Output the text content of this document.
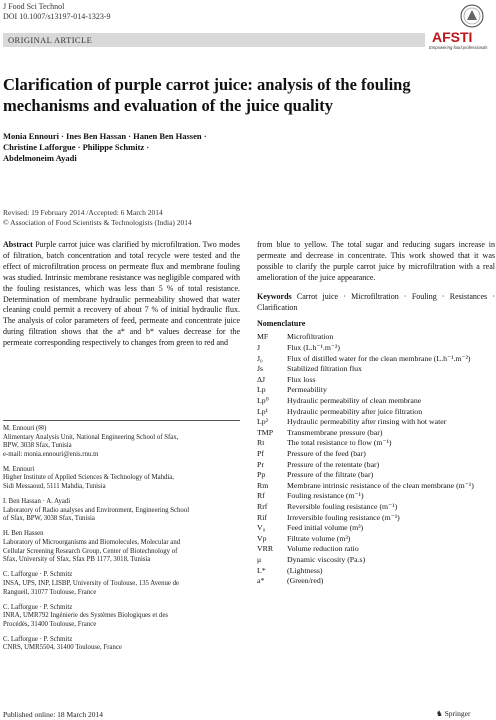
J Food Sci Technol
DOI 10.1007/s13197-014-1323-9
AFSTI
Empowering food professionals
ORIGINAL ARTICLE
Clarification of purple carrot juice: analysis of the fouling mechanisms and evaluation of the juice quality
Monia Ennouri · Ines Ben Hassan · Hanen Ben Hassen ·
Christine Lafforgue · Philippe Schmitz ·
Abdelmoneim Ayadi
Revised: 19 February 2014 /Accepted: 6 March 2014
© Association of Food Scientists & Technologists (India) 2014

Abstract Purple carrot juice was clarified by microfiltration. Two modes of filtration, batch concentration and total recycle were tested and the effect of microfiltration process on permeate flux and membrane fouling was studied. Intrinsic membrane resistance was negligible compared with the fouling resistances, which was less than 5 % of total resistance. Determination of membrane hydraulic permeability showed that water cleaning could permit a recovery of about 7 % of initial hydraulic flux. The analysis of color parameters of feed, permeate and concentrate juice during filtration shows that the a* and b* values decrease for the permeate corresponding respectively to changes from green to red and

M. Ennouri (✉)
Alimentary Analysis Unit, National Engineering School of Sfax,
BPW, 3038 Sfax, Tunisia
e-mail: monia.ennouri@enis.rnu.tn
M. Ennouri
Higher Institute of Applied Sciences & Technology of Mahdia,
Sidi Messaoud, 5111 Mahdia, Tunisia
I. Ben Hassan · A. Ayadi
Laboratory of Radio analyses and Environment, Engineering School
of Sfax, BPW, 3038 Sfax, Tunisia
H. Ben Hassen
Laboratory of Microorganisms and Biomolecules, Molecular and
Cellular Screening Research Group, Center of Biotechnology of
Sfax, University of Sfax, Sfax PB 1177, 3018, Tunisia
C. Lafforgue · P. Schmitz
INSA, UPS, INP, LISBP, University of Toulouse, 135 Avenue de
Rangueil, 31077 Toulouse, France
C. Lafforgue · P. Schmitz
INRA, UMR792 Ingénierie des Systèmes Biologiques et des
Procédés, 31400 Toulouse, France
C. Lafforgue · P. Schmitz
CNRS, UMR5504, 31400 Toulouse, France

from blue to yellow. The total sugar and reducing sugars increase in permeate and decrease in concentrate. This work showed that it was possible to clarify the purple carrot juice by microfiltration with a real amelioration of the juice appearance.

Keywords Carrot juice · Microfiltration · Fouling · Resistances · Clarification

Nomenclature
MF	Microfiltration
J	Flux (L.h⁻¹.m⁻²)
J₀	Flux of distilled water for the clean membrane (L.h⁻¹.m⁻²)
Js	Stabilized filtration flux
ΔJ	Flux loss
Lp	Permeability
Lp⁰	Hydraulic permeability of clean membrane
Lp¹	Hydraulic permeability after juice filtration
Lp²	Hydraulic permeability after rinsing with hot water
TMP	Transmembrane pressure (bar)
Rt	The total resistance to flow (m⁻¹)
Pf	Pressure of the feed (bar)
Pr	Pressure of the retentate (bar)
Pp	Pressure of the filtrate (bar)
Rm	Membrane intrinsic resistance of the clean membrane (m⁻¹)
Rf	Fouling resistance (m⁻¹)
Rrf	Reversible fouling resistance (m⁻¹)
Rif	Irreversible fouling resistance (m⁻¹)
V₀	Feed initial volume (m³)
Vp	Filtrate volume (m³)
VRR	Volume reduction ratio
μ	Dynamic viscosity (Pa.s)
L*	(Lightness)
a*	(Green/red)
Published online: 18 March 2014	♞ Springer
